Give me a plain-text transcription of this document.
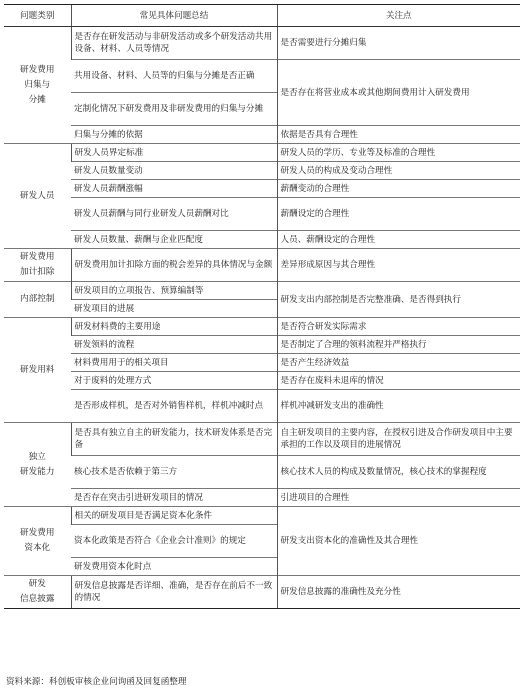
问题类别	常见具体问题总结	关注点
研发费用
归集与
分摊	是否存在研发活动与非研发活动或多个研发活动共用设备、材料、人员等情况	是否需要进行分摊归集
	共用设备、材料、人员等的归集与分摊是否正确	是否存在将营业成本或其他期间费用计入研发费用
	定制化情况下研发费用及非研发费用的归集与分摊	
	归集与分摊的依据	依据是否具有合理性
研发人员	研发人员界定标准	研发人员的学历、专业等及标准的合理性
	研发人员数量变动	研发人员的构成及变动合理性
	研发人员薪酬涨幅	薪酬变动的合理性
	研发人员薪酬与同行业研发人员薪酬对比	薪酬设定的合理性
	研发人员数量、薪酬与企业匹配度	人员、薪酬设定的合理性
研发费用
加计扣除	研发费用加计扣除方面的税会差异的具体情况与金额	差异形成原因与其合理性
内部控制	研发项目的立项报告、预算编制等	研发支出内部控制是否完整准确、是否得到执行
	研发项目的进展	
研发用料	研发材料费的主要用途	是否符合研发实际需求
	研发领料的流程	是否制定了合理的领料流程并严格执行
	材料费用用于的相关项目	是否产生经济效益
	对于废料的处理方式	是否存在废料未退库的情况
	是否形成样机，是否对外销售样机，样机冲减时点	样机冲减研发支出的准确性
独立
研发能力	是否具有独立自主的研发能力，技术研发体系是否完备	自主研发项目的主要内容，在授权引进及合作研发项目中主要承担的工作以及项目的进展情况
	核心技术是否依赖于第三方	核心技术人员的构成及数量情况，核心技术的掌握程度
	是否存在突击引进研发项目的情况	引进项目的合理性
研发费用
资本化	相关的研发项目是否满足资本化条件	研发支出资本化的准确性及其合理性
	资本化政策是否符合《企业会计准则》的规定	
	研发费用资本化时点	
研发
信息披露	研发信息披露是否详细、准确，是否存在前后不一致的情况	研发信息披露的准确性及充分性
资料来源：科创板审核企业问询函及回复函整理
